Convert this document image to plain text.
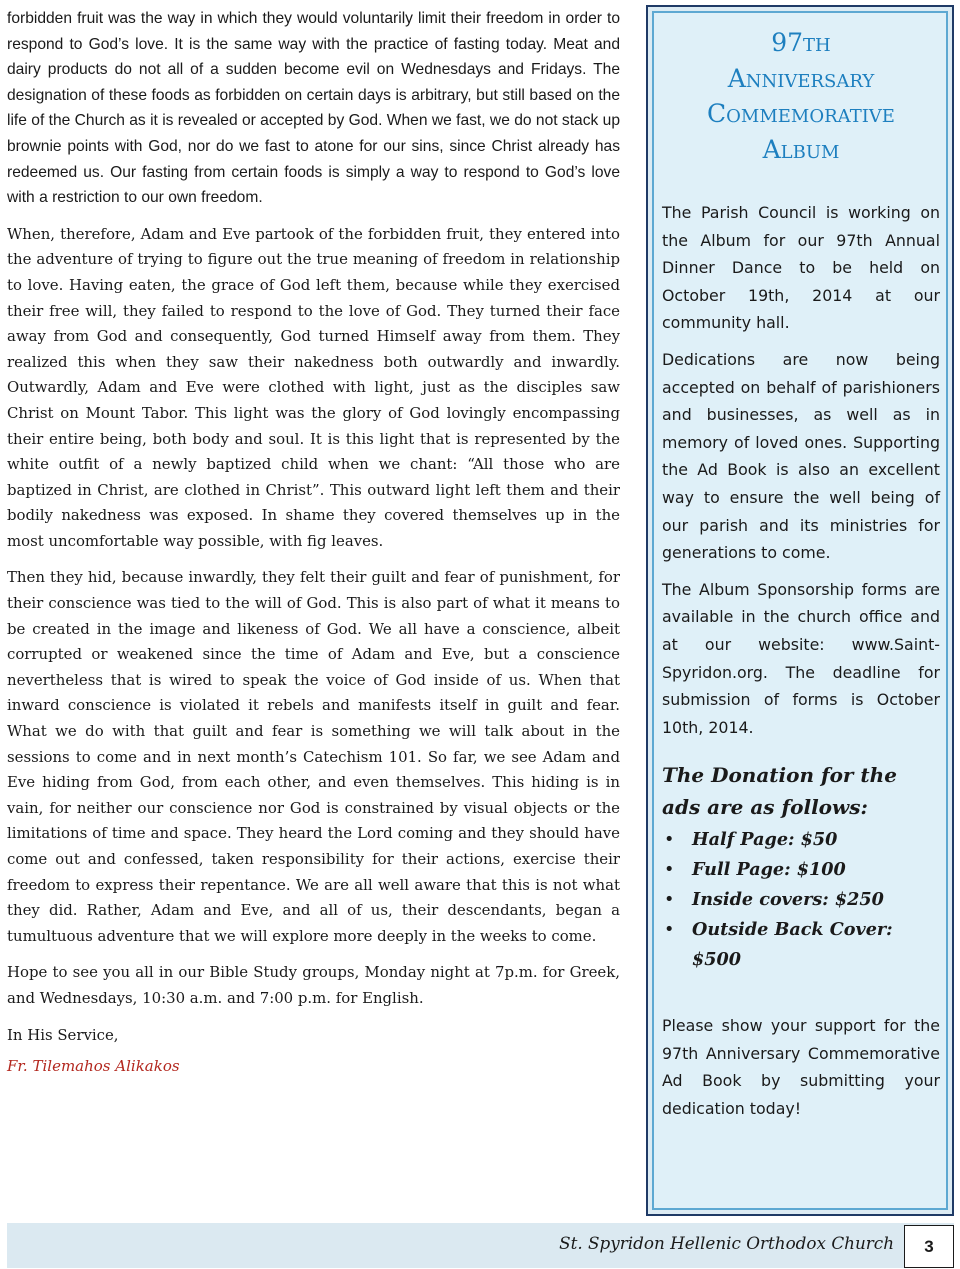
forbidden fruit was the way in which they would voluntarily limit their freedom in order to respond to God’s love. It is the same way with the practice of fasting today. Meat and dairy products do not all of a sudden become evil on Wednesdays and Fridays. The designation of these foods as forbidden on certain days is arbitrary, but still based on the life of the Church as it is revealed or accepted by God. When we fast, we do not stack up brownie points with God, nor do we fast to atone for our sins, since Christ already has redeemed us. Our fasting from certain foods is simply a way to respond to God’s love with a restriction to our own freedom.

When, therefore, Adam and Eve partook of the forbidden fruit, they entered into the adventure of trying to figure out the true meaning of freedom in relationship to love. Having eaten, the grace of God left them, because while they exercised their free will, they failed to respond to the love of God. They turned their face away from God and consequently, God turned Himself away from them. They realized this when they saw their nakedness both outwardly and inwardly. Outwardly, Adam and Eve were clothed with light, just as the disciples saw Christ on Mount Tabor. This light was the glory of God lovingly encompassing their entire being, both body and soul. It is this light that is represented by the white outfit of a newly baptized child when we chant: “All those who are baptized in Christ, are clothed in Christ”. This outward light left them and their bodily nakedness was exposed. In shame they covered themselves up in the most uncomfortable way possible, with fig leaves.

Then they hid, because inwardly, they felt their guilt and fear of punishment, for their conscience was tied to the will of God. This is also part of what it means to be created in the image and likeness of God. We all have a conscience, albeit corrupted or weakened since the time of Adam and Eve, but a conscience nevertheless that is wired to speak the voice of God inside of us. When that inward conscience is violated it rebels and manifests itself in guilt and fear. What we do with that guilt and fear is something we will talk about in the sessions to come and in next month’s Catechism 101. So far, we see Adam and Eve hiding from God, from each other, and even themselves. This hiding is in vain, for neither our conscience nor God is constrained by visual objects or the limitations of time and space. They heard the Lord coming and they should have come out and confessed, taken responsibility for their actions, exercise their freedom to express their repentance. We are all well aware that this is not what they did. Rather, Adam and Eve, and all of us, their descendants, began a tumultuous adventure that we will explore more deeply in the weeks to come.

Hope to see you all in our Bible Study groups, Monday night at 7p.m. for Greek, and Wednesdays, 10:30 a.m. and 7:00 p.m. for English.

In His Service,

Fr. Tilemahos Alikakos
97th
Anniversary
Commemorative
Album

The Parish Council is working on the Album for our 97th Annual Dinner Dance to be held on October 19th, 2014 at our community hall.

Dedications are now being accepted on behalf of parishioners and businesses, as well as in memory of loved ones. Supporting the Ad Book is also an excellent way to ensure the well being of our parish and its ministries for generations to come.

The Album Sponsorship forms are available in the church office and at our website: www.Saint-Spyridon.org. The deadline for submission of forms is October 10th, 2014.

The Donation for the ads are as follows:
• Half Page: $50
• Full Page: $100
• Inside covers: $250
• Outside Back Cover: $500

Please show your support for the 97th Anniversary Commemorative Ad Book by submitting your dedication today!

St. Spyridon Hellenic Orthodox Church	3
